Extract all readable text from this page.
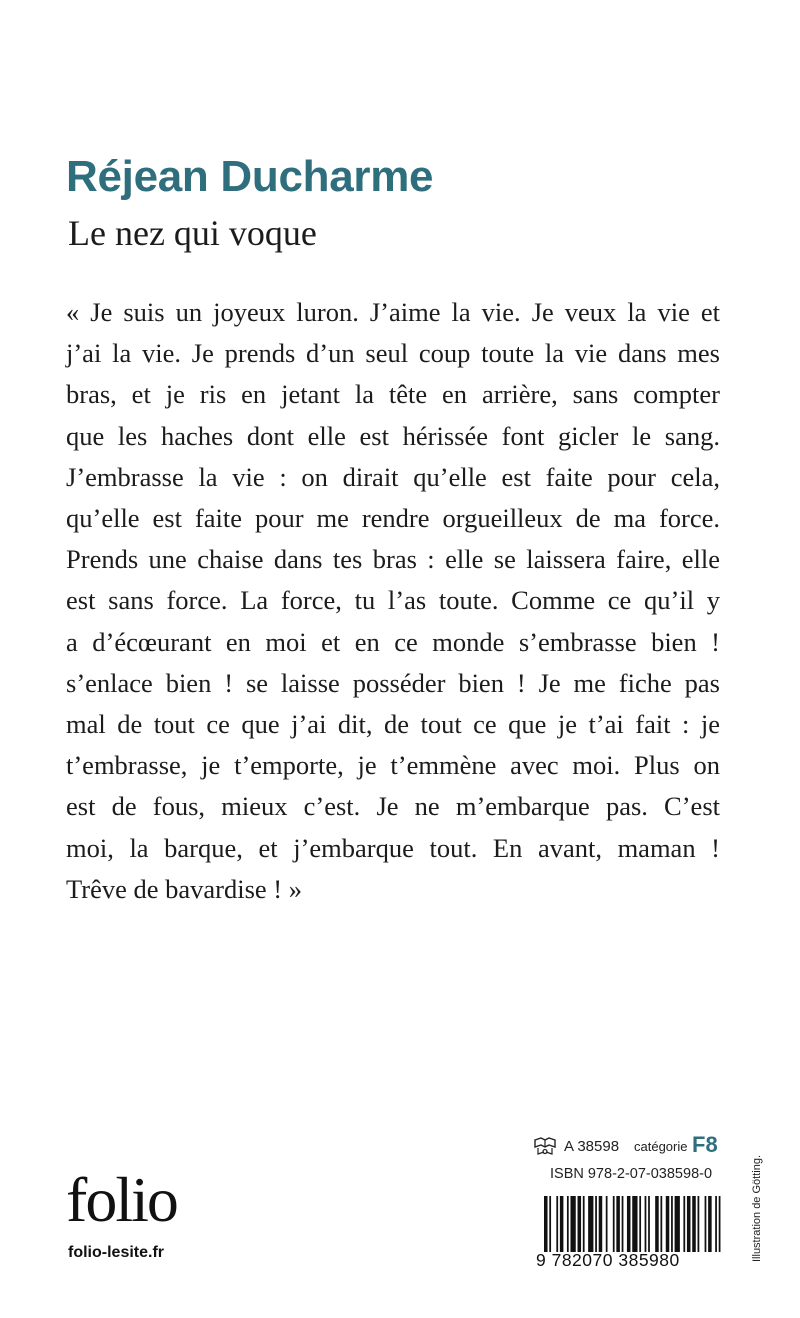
Réjean Ducharme
Le nez qui voque
« Je suis un joyeux luron. J’aime la vie. Je veux la vie et
j’ai la vie. Je prends d’un seul coup toute la vie dans mes
bras, et je ris en jetant la tête en arrière, sans compter
que les haches dont elle est hérissée font gicler le sang.
J’embrasse la vie : on dirait qu’elle est faite pour cela,
qu’elle est faite pour me rendre orgueilleux de ma force.
Prends une chaise dans tes bras : elle se laissera faire, elle
est sans force. La force, tu l’as toute. Comme ce qu’il y
a d’écœurant en moi et en ce monde s’embrasse bien !
s’enlace bien ! se laisse posséder bien ! Je me fiche pas
mal de tout ce que j’ai dit, de tout ce que je t’ai fait : je
t’embrasse, je t’emporte, je t’emmène avec moi. Plus on
est de fous, mieux c’est. Je ne m’embarque pas. C’est
moi, la barque, et j’embarque tout. En avant, maman !
Trêve de bavardise ! »
folio
folio-lesite.fr
A 38598 catégorie F8
ISBN 978-2-07-038598-0
9 782070 385980	Illustration de Götting.
